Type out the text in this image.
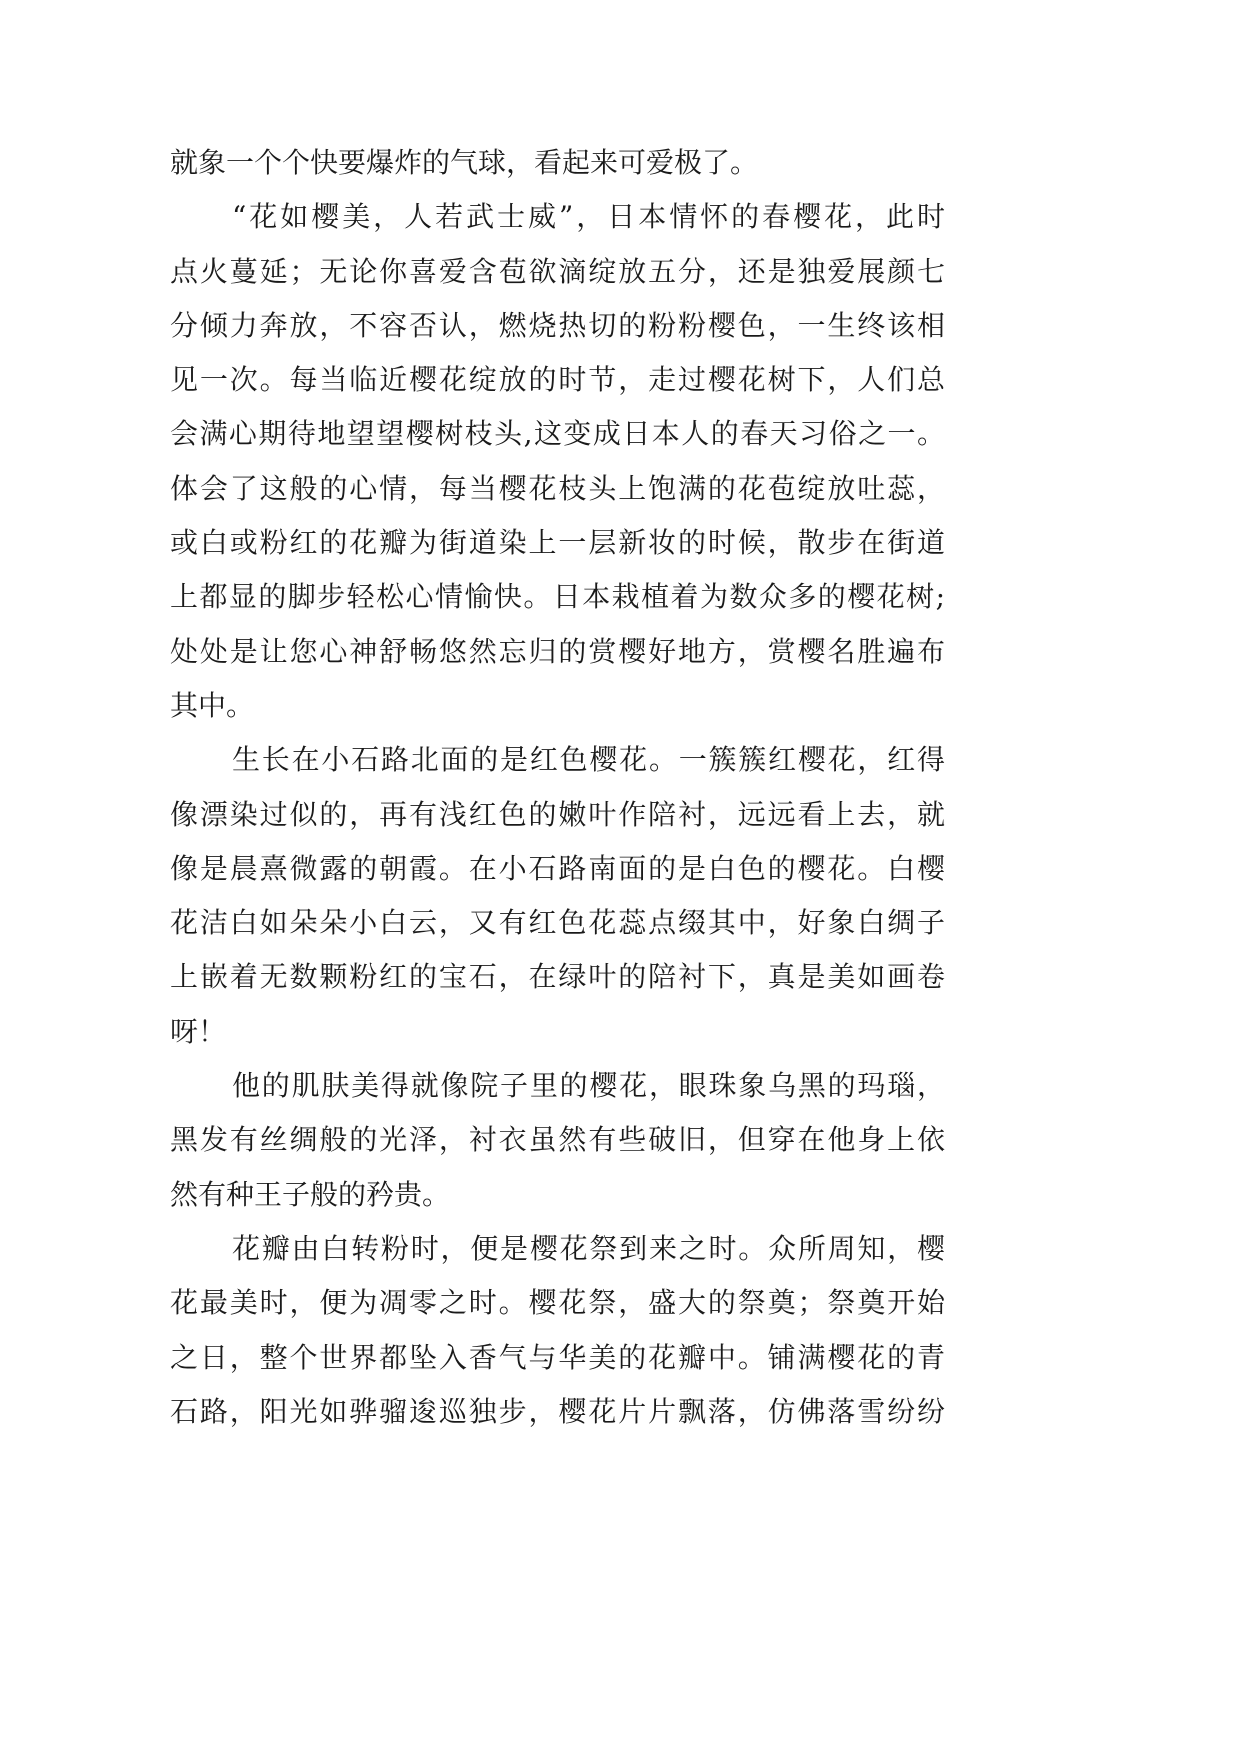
就象一个个快要爆炸的气球，看起来可爱极了。
“花如樱美，人若武士威”，日本情怀的春樱花，此时
点火蔓延；无论你喜爱含苞欲滴绽放五分，还是独爱展颜七
分倾力奔放，不容否认，燃烧热切的粉粉樱色，一生终该相
见一次。每当临近樱花绽放的时节，走过樱花树下，人们总
会满心期待地望望樱树枝头,这变成日本人的春天习俗之一。
体会了这般的心情，每当樱花枝头上饱满的花苞绽放吐蕊，
或白或粉红的花瓣为街道染上一层新妆的时候，散步在街道
上都显的脚步轻松心情愉快。日本栽植着为数众多的樱花树;
处处是让您心神舒畅悠然忘归的赏樱好地方，赏樱名胜遍布
其中。
生长在小石路北面的是红色樱花。一簇簇红樱花，红得
像漂染过似的，再有浅红色的嫩叶作陪衬，远远看上去，就
像是晨熹微露的朝霞。在小石路南面的是白色的樱花。白樱
花洁白如朵朵小白云，又有红色花蕊点缀其中，好象白绸子
上嵌着无数颗粉红的宝石，在绿叶的陪衬下，真是美如画卷
呀！
他的肌肤美得就像院子里的樱花，眼珠象乌黑的玛瑙，
黑发有丝绸般的光泽，衬衣虽然有些破旧，但穿在他身上依
然有种王子般的矜贵。
花瓣由白转粉时，便是樱花祭到来之时。众所周知，樱
花最美时，便为凋零之时。樱花祭，盛大的祭奠；祭奠开始
之日，整个世界都坠入香气与华美的花瓣中。铺满樱花的青
石路，阳光如骅骝逡巡独步，樱花片片飘落，仿佛落雪纷纷
